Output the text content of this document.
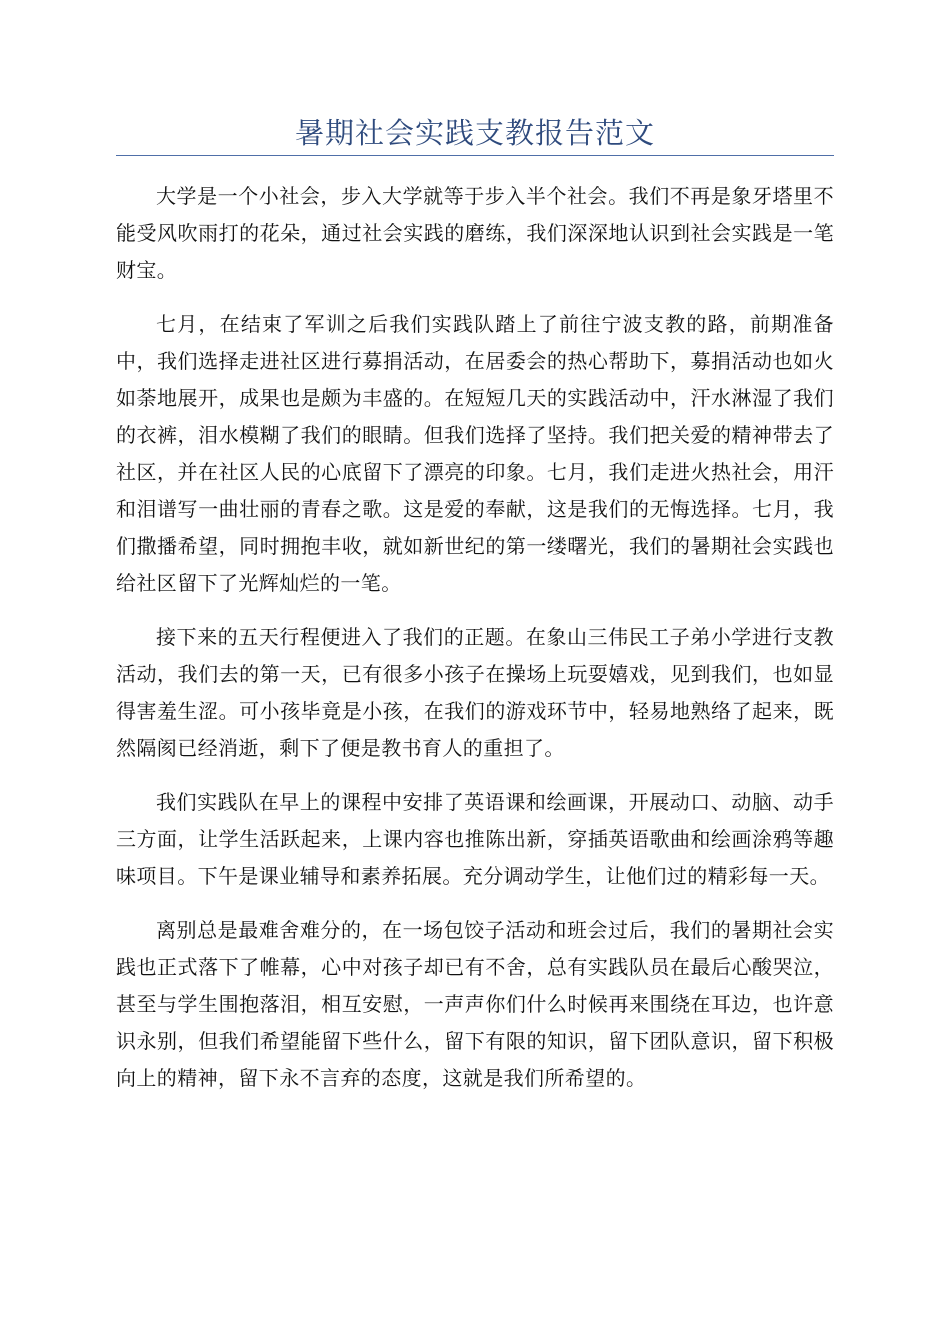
暑期社会实践支教报告范文

大学是一个小社会，步入大学就等于步入半个社会。我们不再是象牙塔里不能受风吹雨打的花朵，通过社会实践的磨练，我们深深地认识到社会实践是一笔财宝。

七月，在结束了军训之后我们实践队踏上了前往宁波支教的路，前期准备中，我们选择走进社区进行募捐活动，在居委会的热心帮助下，募捐活动也如火如荼地展开，成果也是颇为丰盛的。在短短几天的实践活动中，汗水淋湿了我们的衣裤，泪水模糊了我们的眼睛。但我们选择了坚持。我们把关爱的精神带去了社区，并在社区人民的心底留下了漂亮的印象。七月，我们走进火热社会，用汗和泪谱写一曲壮丽的青春之歌。这是爱的奉献，这是我们的无悔选择。七月，我们撒播希望，同时拥抱丰收，就如新世纪的第一缕曙光，我们的暑期社会实践也给社区留下了光辉灿烂的一笔。

接下来的五天行程便进入了我们的正题。在象山三伟民工子弟小学进行支教活动，我们去的第一天，已有很多小孩子在操场上玩耍嬉戏，见到我们，也如显得害羞生涩。可小孩毕竟是小孩，在我们的游戏环节中，轻易地熟络了起来，既然隔阂已经消逝，剩下了便是教书育人的重担了。

我们实践队在早上的课程中安排了英语课和绘画课，开展动口、动脑、动手三方面，让学生活跃起来，上课内容也推陈出新，穿插英语歌曲和绘画涂鸦等趣味项目。下午是课业辅导和素养拓展。充分调动学生，让他们过的精彩每一天。

离别总是最难舍难分的，在一场包饺子活动和班会过后，我们的暑期社会实践也正式落下了帷幕，心中对孩子却已有不舍，总有实践队员在最后心酸哭泣，甚至与学生围抱落泪，相互安慰，一声声你们什么时候再来围绕在耳边，也许意识永别，但我们希望能留下些什么，留下有限的知识，留下团队意识，留下积极向上的精神，留下永不言弃的态度，这就是我们所希望的。
